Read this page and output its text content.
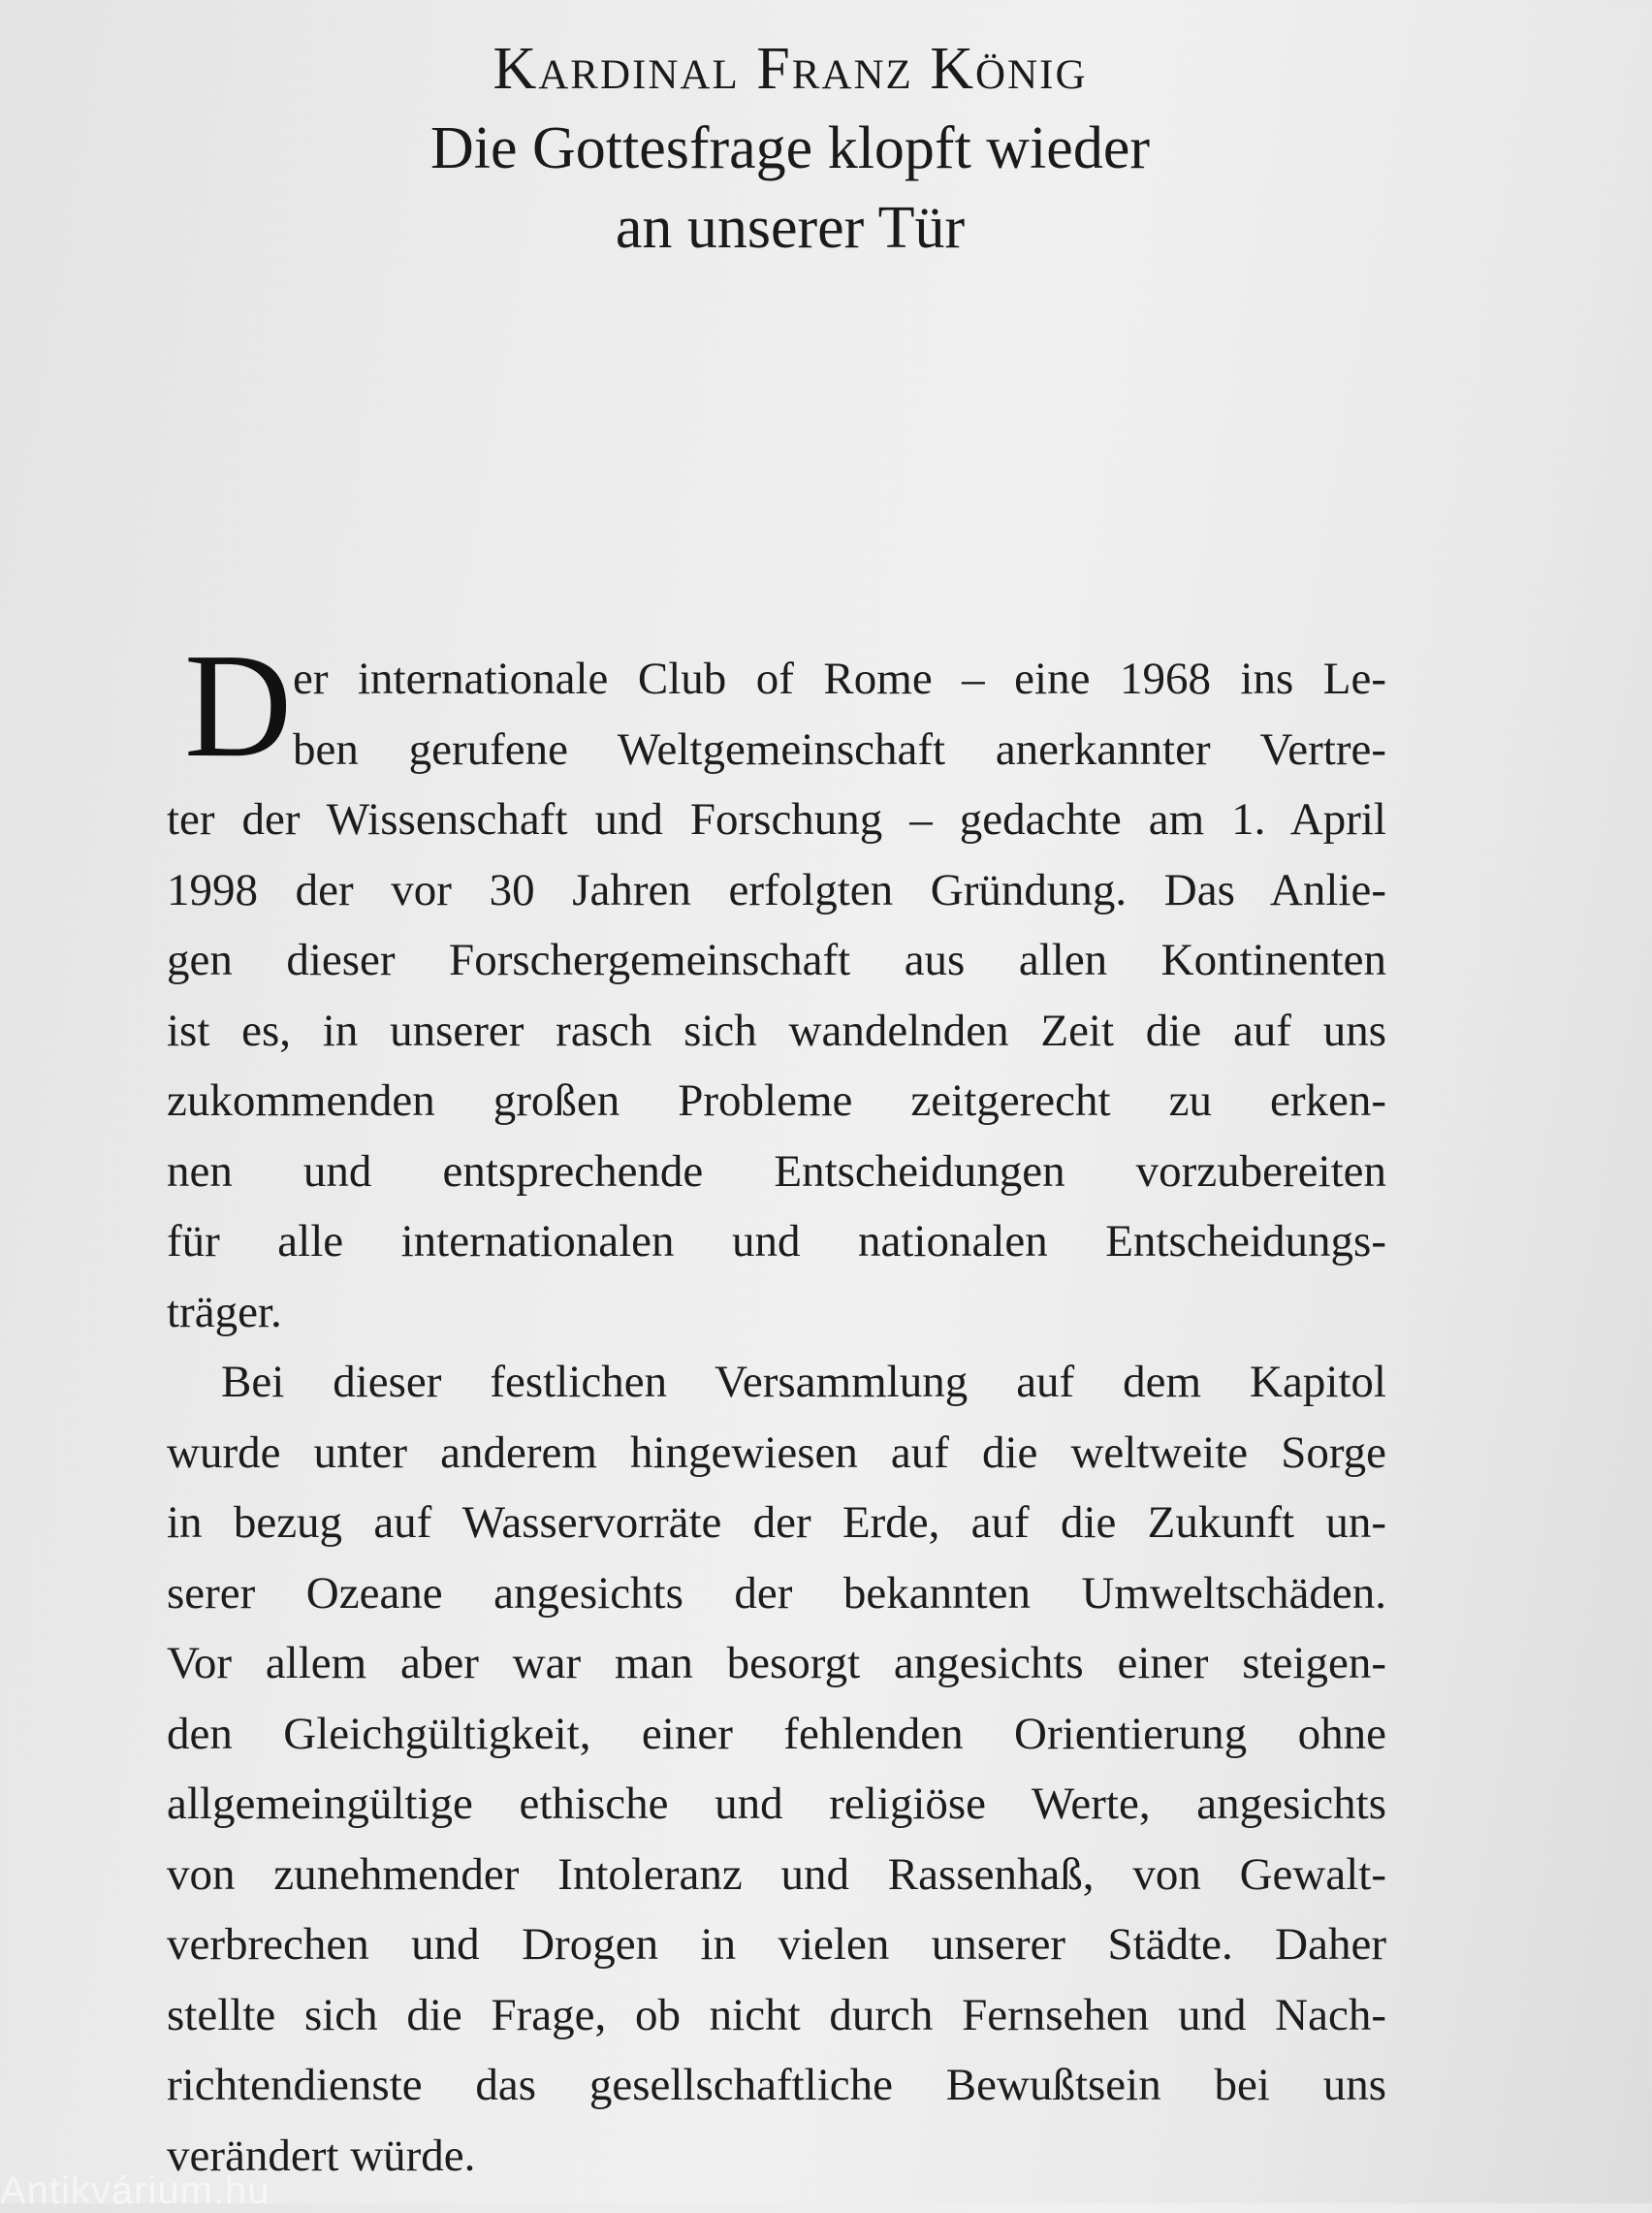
Kardinal Franz König
Die Gottesfrage klopft wieder
an unserer Tür
D er internationale Club of Rome – eine 1968 ins Le-
ben gerufene Weltgemeinschaft anerkannter Vertre-
ter der Wissenschaft und Forschung – gedachte am 1. April
1998 der vor 30 Jahren erfolgten Gründung. Das Anlie-
gen dieser Forschergemeinschaft aus allen Kontinenten
ist es, in unserer rasch sich wandelnden Zeit die auf uns
zukommenden großen Probleme zeitgerecht zu erken-
nen und entsprechende Entscheidungen vorzubereiten
für alle internationalen und nationalen Entscheidungs-
träger.
Bei dieser festlichen Versammlung auf dem Kapitol
wurde unter anderem hingewiesen auf die weltweite Sorge
in bezug auf Wasservorräte der Erde, auf die Zukunft un-
serer Ozeane angesichts der bekannten Umweltschäden.
Vor allem aber war man besorgt angesichts einer steigen-
den Gleichgültigkeit, einer fehlenden Orientierung ohne
allgemeingültige ethische und religiöse Werte, angesichts
von zunehmender Intoleranz und Rassenhaß, von Gewalt-
verbrechen und Drogen in vielen unserer Städte. Daher
stellte sich die Frage, ob nicht durch Fernsehen und Nach-
richtendienste das gesellschaftliche Bewußtsein bei uns
verändert würde.
Antikvárium.hu
